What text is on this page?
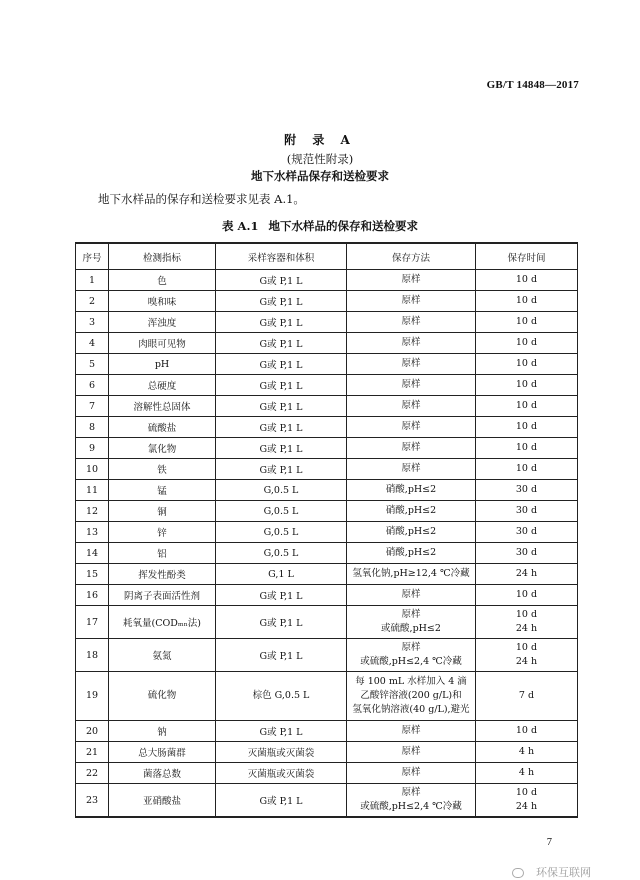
GB/T 14848—2017
附 录 A
(规范性附录)
地下水样品保存和送检要求
地下水样品的保存和送检要求见表 A.1。
表 A.1 地下水样品的保存和送检要求
序号	检测指标	采样容器和体积	保存方法	保存时间
1	色	G或 P,1 L	原样	10 d

2	嗅和味	G或 P,1 L	原样	10 d

3	浑浊度	G或 P,1 L	原样	10 d

4	肉眼可见物	G或 P,1 L	原样	10 d

5	pH	G或 P,1 L	原样	10 d

6	总硬度	G或 P,1 L	原样	10 d

7	溶解性总固体	G或 P,1 L	原样	10 d

8	硫酸盐	G或 P,1 L	原样	10 d

9	氯化物	G或 P,1 L	原样	10 d

10	铁	G或 P,1 L	原样	10 d

11	锰	G,0.5 L	硝酸,pH≤2	30 d

12	铜	G,0.5 L	硝酸,pH≤2	30 d

13	锌	G,0.5 L	硝酸,pH≤2	30 d

14	铝	G,0.5 L	硝酸,pH≤2	30 d

15	挥发性酚类	G,1 L	氢氧化钠,pH≥12,4 ℃冷藏	24 h

16	阴离子表面活性剂	G或 P,1 L	原样	10 d

17	耗氧量(CODₘₙ法)	G或 P,1 L	原样
或硫酸,pH≤2	10 d
24 h

18	氨氮	G或 P,1 L	原样
或硫酸,pH≤2,4 ℃冷藏	10 d
24 h

19	硫化物	棕色 G,0.5 L	每 100 mL 水样加入 4 滴
乙酸锌溶液(200 g/L)和
氢氧化钠溶液(40 g/L),避光	7 d

20	钠	G或 P,1 L	原样	10 d

21	总大肠菌群	灭菌瓶或灭菌袋	原样	4 h

22	菌落总数	灭菌瓶或灭菌袋	原样	4 h

23	亚硝酸盐	G或 P,1 L	原样
或硫酸,pH≤2,4 ℃冷藏	10 d
24 h
7
环保互联网
